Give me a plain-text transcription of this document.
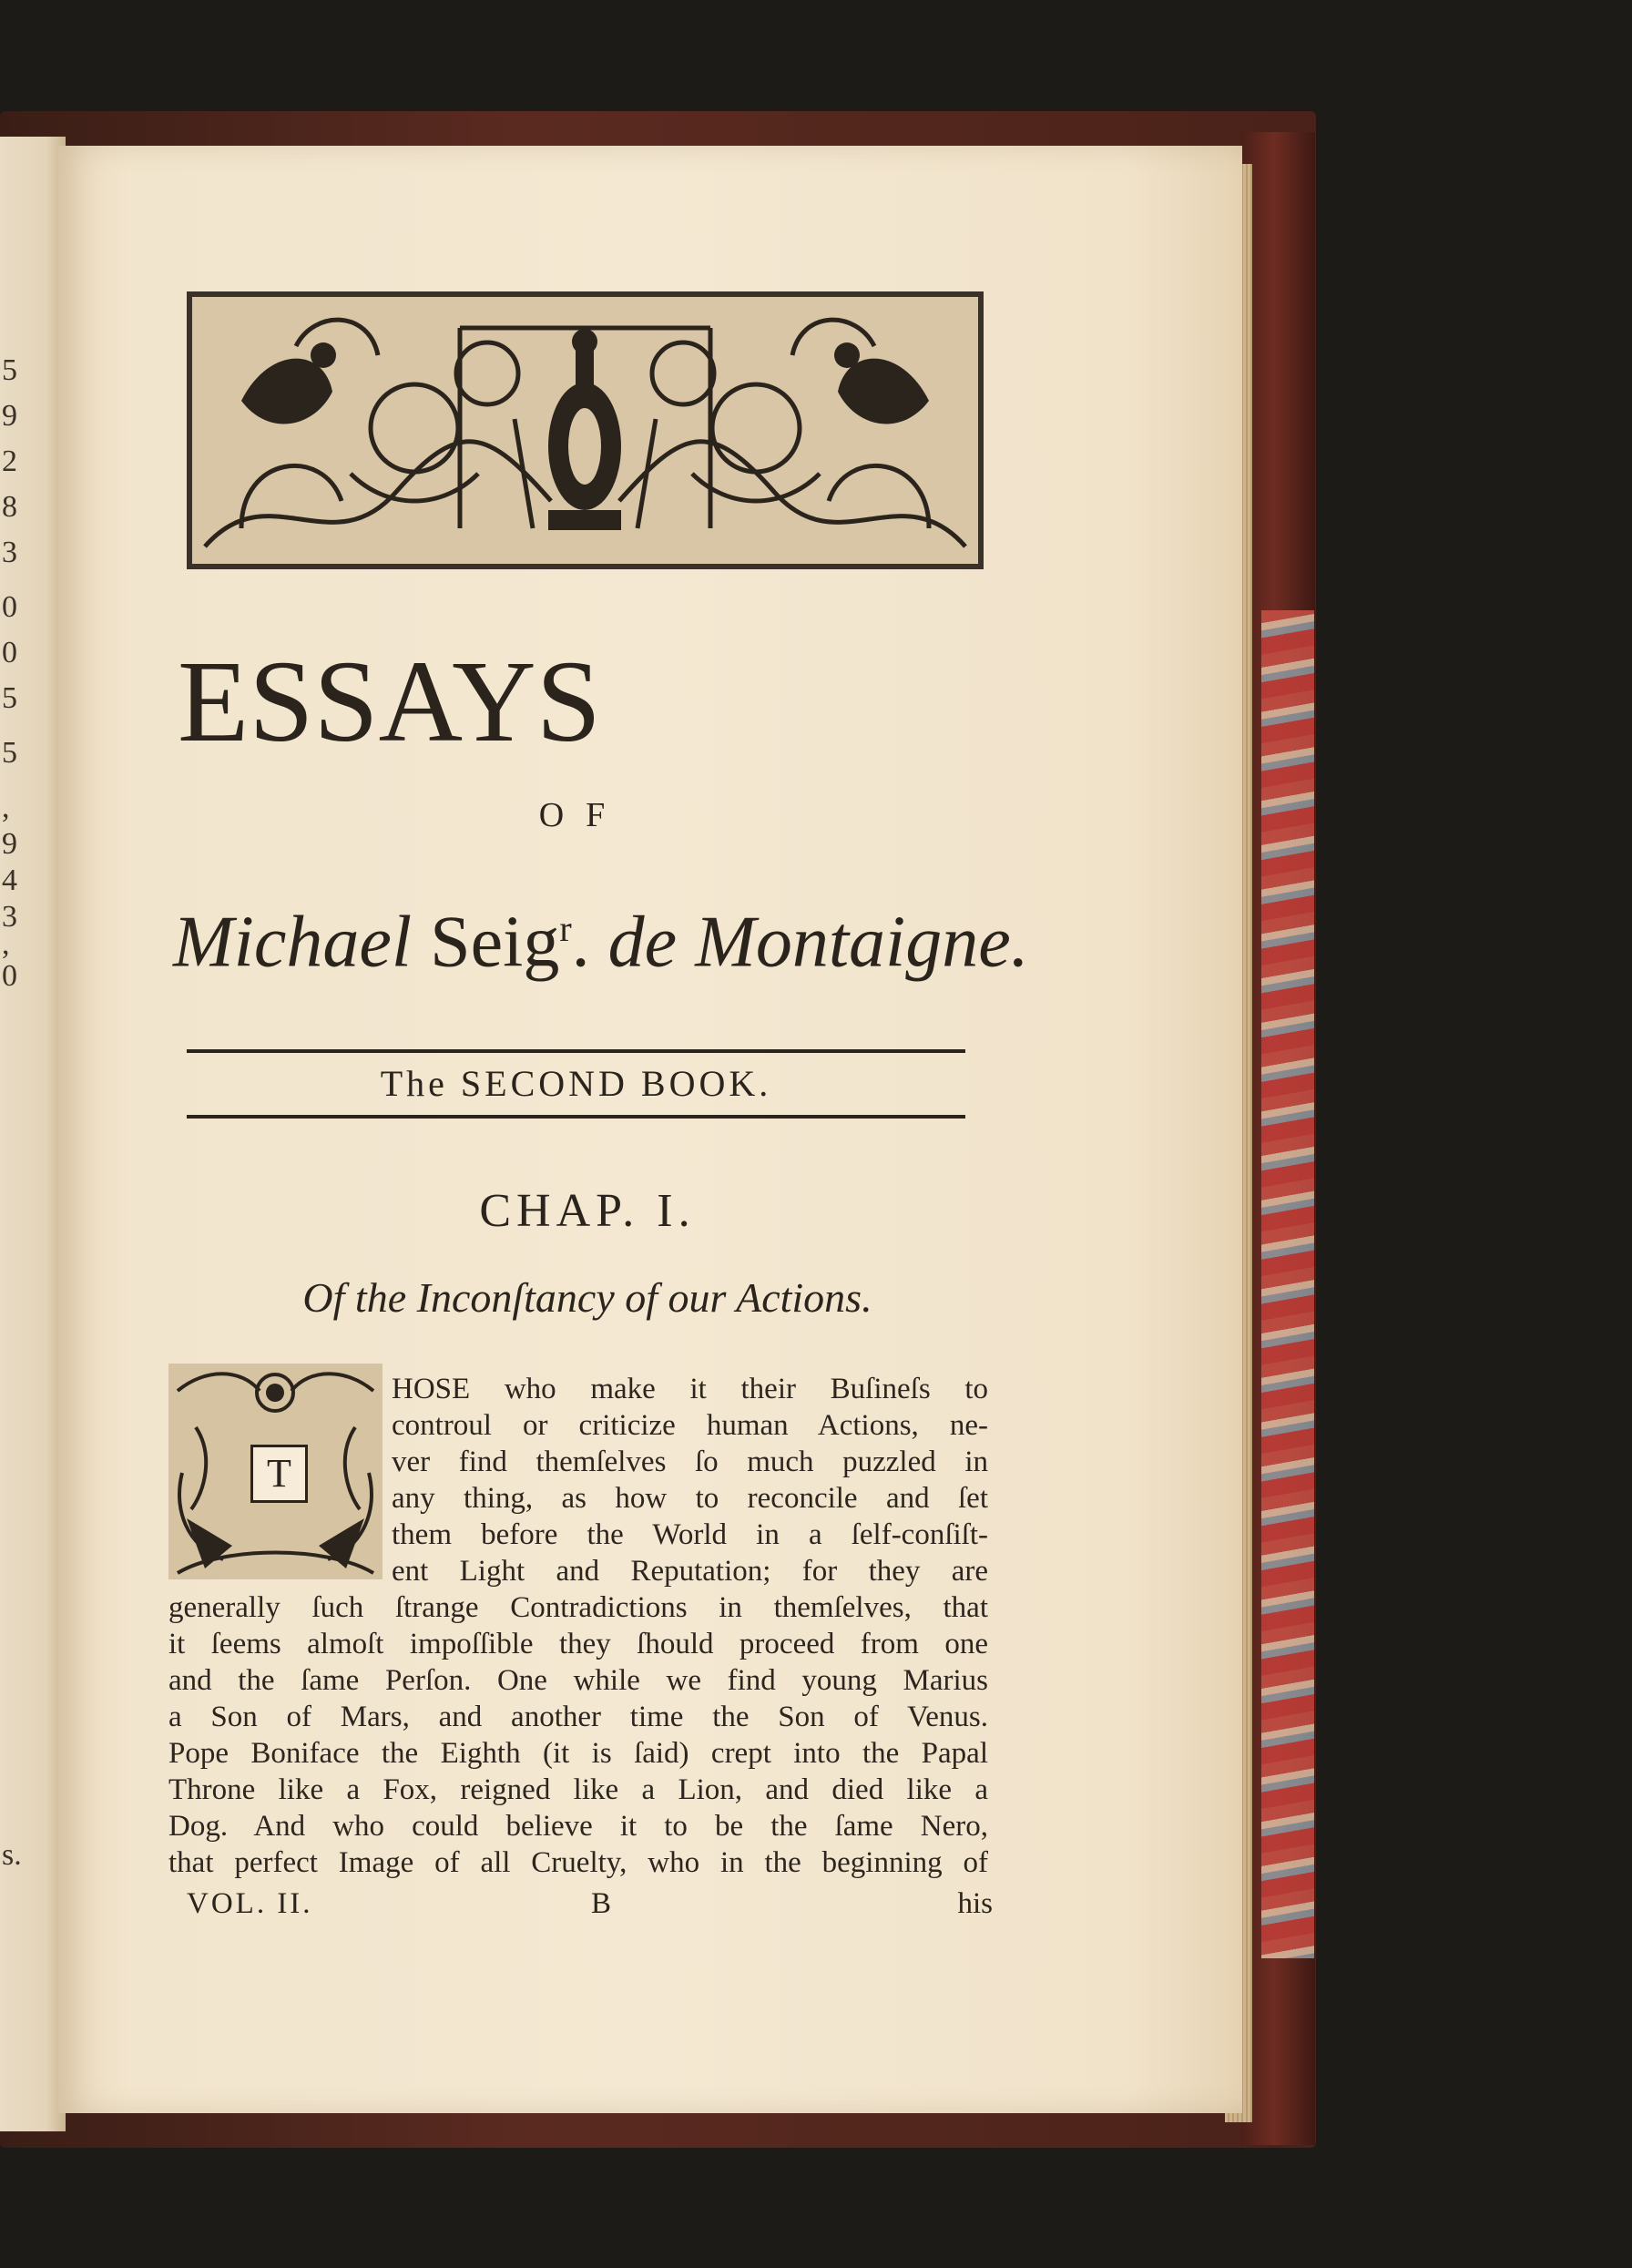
5
9
2
8
3
0
0
5
5
,
9
4
3
,
0
s.
ESSAYS
OF
Michael Seig$^r$. de Montaigne.
The SECOND BOOK.
CHAP. I.
Of the Inconſtancy of our Actions.
T
HOSE who make it their Buſineſs to
controul or criticize human Actions, ne-
ver find themſelves ſo much puzzled in
any thing, as how to reconcile and ſet
them before the World in a ſelf-conſiſt-
ent Light and Reputation; for they are
generally ſuch ſtrange Contradictions in themſelves, that
it ſeems almoſt impoſſible they ſhould proceed from one
and the ſame Perſon. One while we find young Marius
a Son of Mars, and another time the Son of Venus.
Pope Boniface the Eighth (it is ſaid) crept into the Papal
Throne like a Fox, reigned like a Lion, and died like a
Dog. And who could believe it to be the ſame Nero,
that perfect Image of all Cruelty, who in the beginning of
VOL. II.	B	his
